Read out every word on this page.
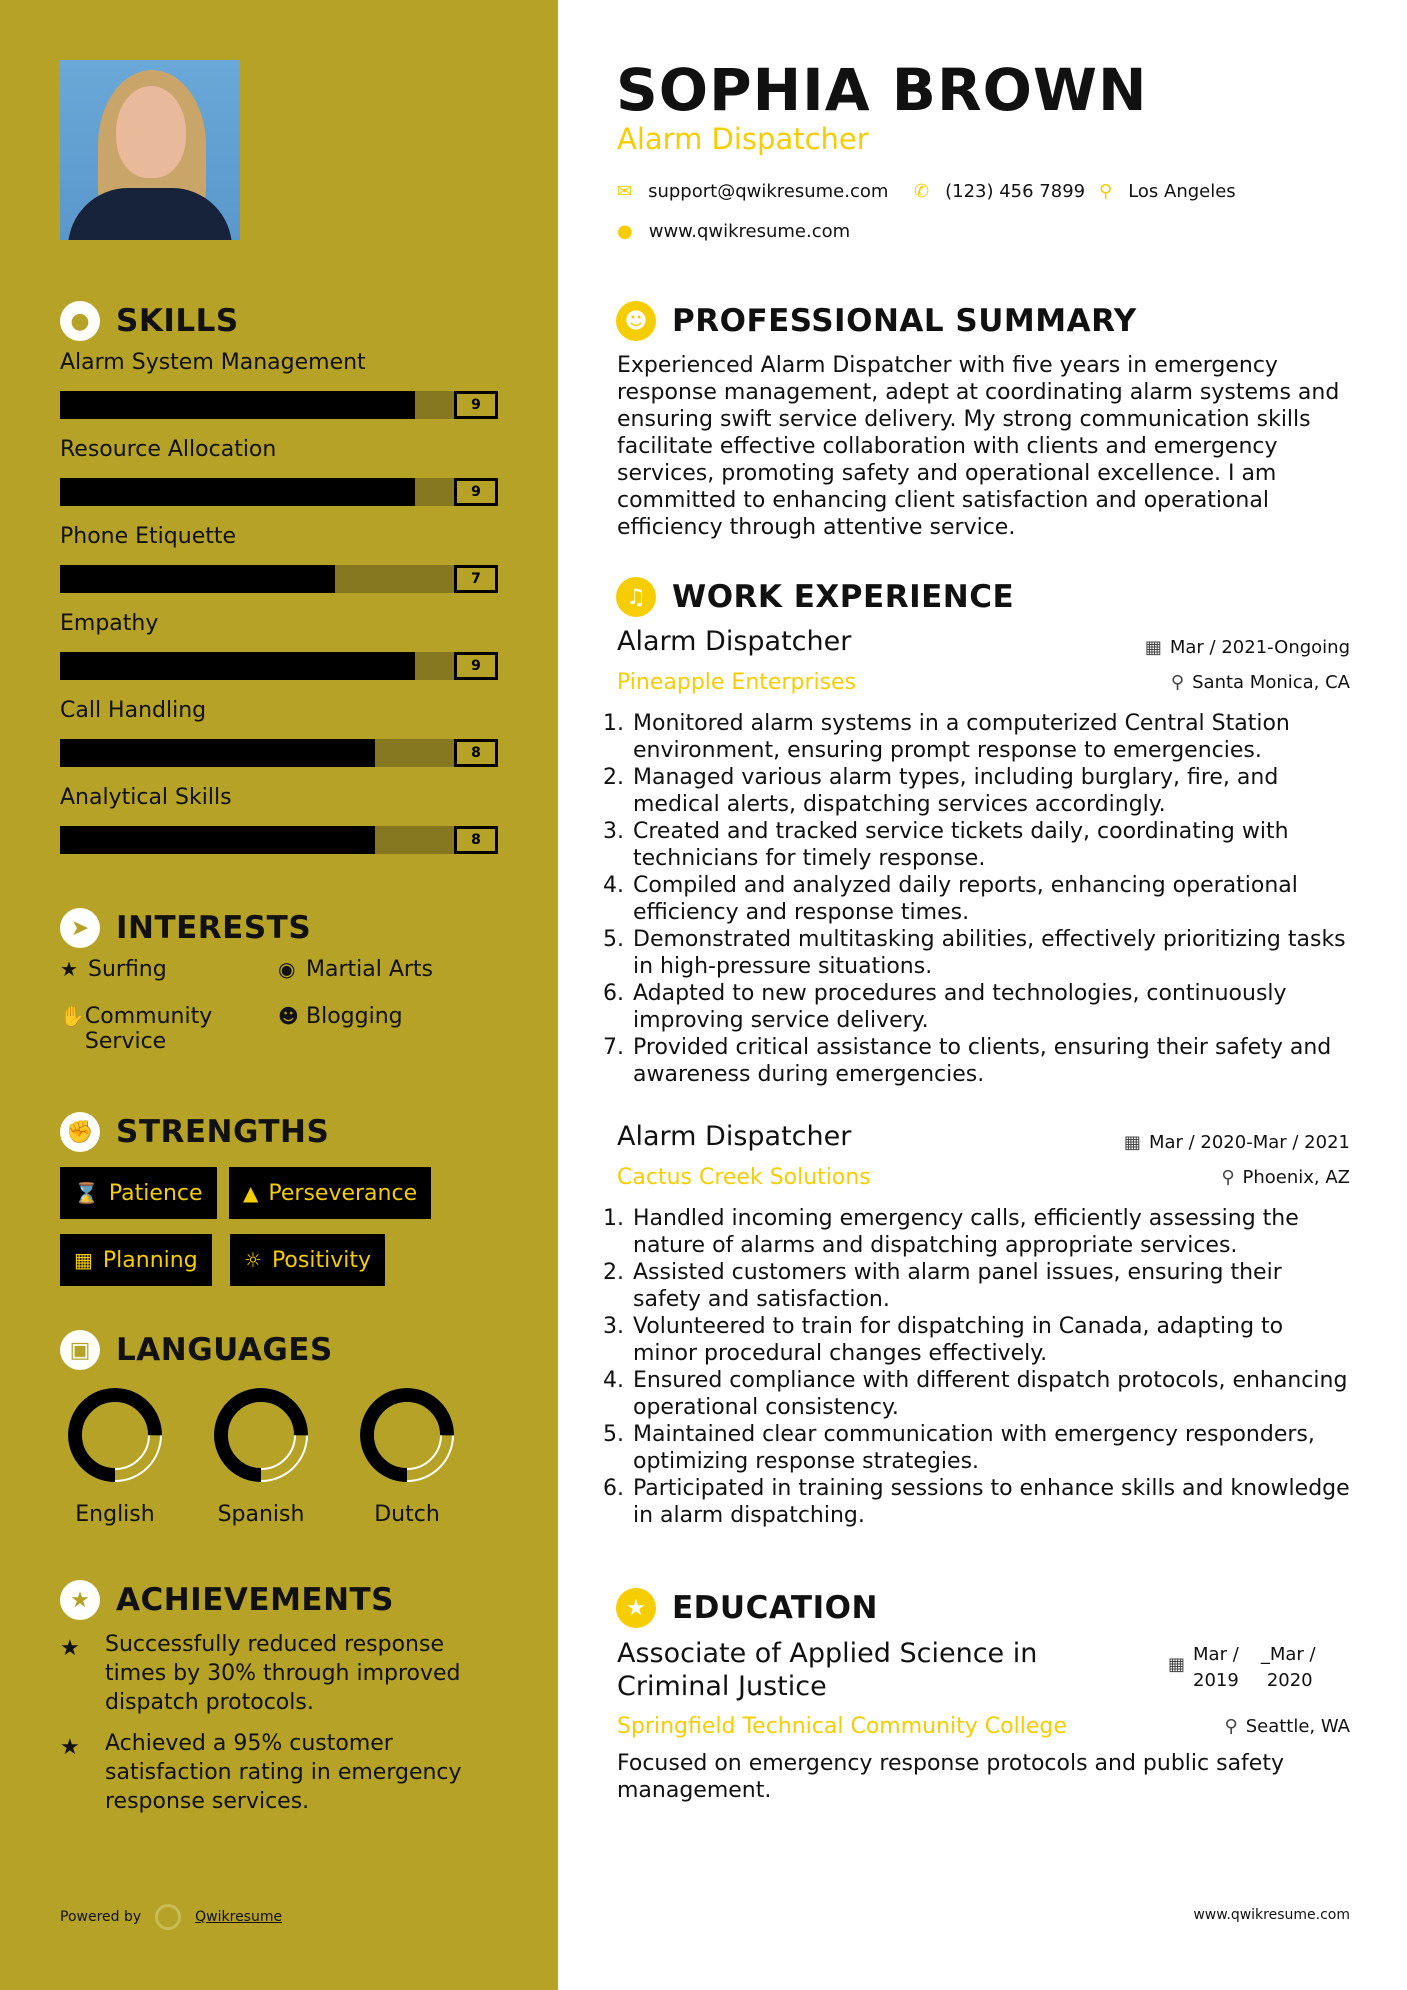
● SKILLS
Alarm System Management
9
Resource Allocation
9
Phone Etiquette
7
Empathy
9
Call Handling
8
Analytical Skills
8
➤ INTERESTS
★ Surfing	◉ Martial Arts
✋ Community Service
☻ Blogging
✊ STRENGTHS
⌛ Patience ▲ Perseverance
▦ Planning ☼ Positivity
▣ LANGUAGES
English	Spanish	Dutch
★ ACHIEVEMENTS
★ Successfully reduced response times by 30% through improved dispatch protocols.
★ Achieved a 95% customer satisfaction rating in emergency response services.
Powered by	Qwikresume
SOPHIA BROWN
Alarm Dispatcher
✉ support@qwikresume.com ✆ (123) 456 7899 ⚲ Los Angeles
● www.qwikresume.com
☻ PROFESSIONAL SUMMARY
Experienced Alarm Dispatcher with five years in emergency response management, adept at coordinating alarm systems and ensuring swift service delivery. My strong communication skills facilitate effective collaboration with clients and emergency services, promoting safety and operational excellence. I am committed to enhancing client satisfaction and operational efficiency through attentive service.
♫ WORK EXPERIENCE
Alarm Dispatcher
Pineapple Enterprises
▦ Mar / 2021-Ongoing
⚲ Santa Monica, CA
1. Monitored alarm systems in a computerized Central Station environment, ensuring prompt response to emergencies.
2. Managed various alarm types, including burglary, fire, and medical alerts, dispatching services accordingly.
3. Created and tracked service tickets daily, coordinating with technicians for timely response.
4. Compiled and analyzed daily reports, enhancing operational efficiency and response times.
5. Demonstrated multitasking abilities, effectively prioritizing tasks in high-pressure situations.
6. Adapted to new procedures and technologies, continuously improving service delivery.
7. Provided critical assistance to clients, ensuring their safety and awareness during emergencies.
Alarm Dispatcher
Cactus Creek Solutions
▦ Mar / 2020-Mar / 2021
⚲ Phoenix, AZ
1. Handled incoming emergency calls, efficiently assessing the nature of alarms and dispatching appropriate services.
2. Assisted customers with alarm panel issues, ensuring their safety and satisfaction.
3. Volunteered to train for dispatching in Canada, adapting to minor procedural changes effectively.
4. Ensured compliance with different dispatch protocols, enhancing operational consistency.
5. Maintained clear communication with emergency responders, optimizing response strategies.
6. Participated in training sessions to enhance skills and knowledge in alarm dispatching.
★ EDUCATION
Associate of Applied Science in
Criminal Justice
▦ Mar /
2019
_Mar /
2020
Springfield Technical Community College	⚲ Seattle, WA
Focused on emergency response protocols and public safety management.
www.qwikresume.com
